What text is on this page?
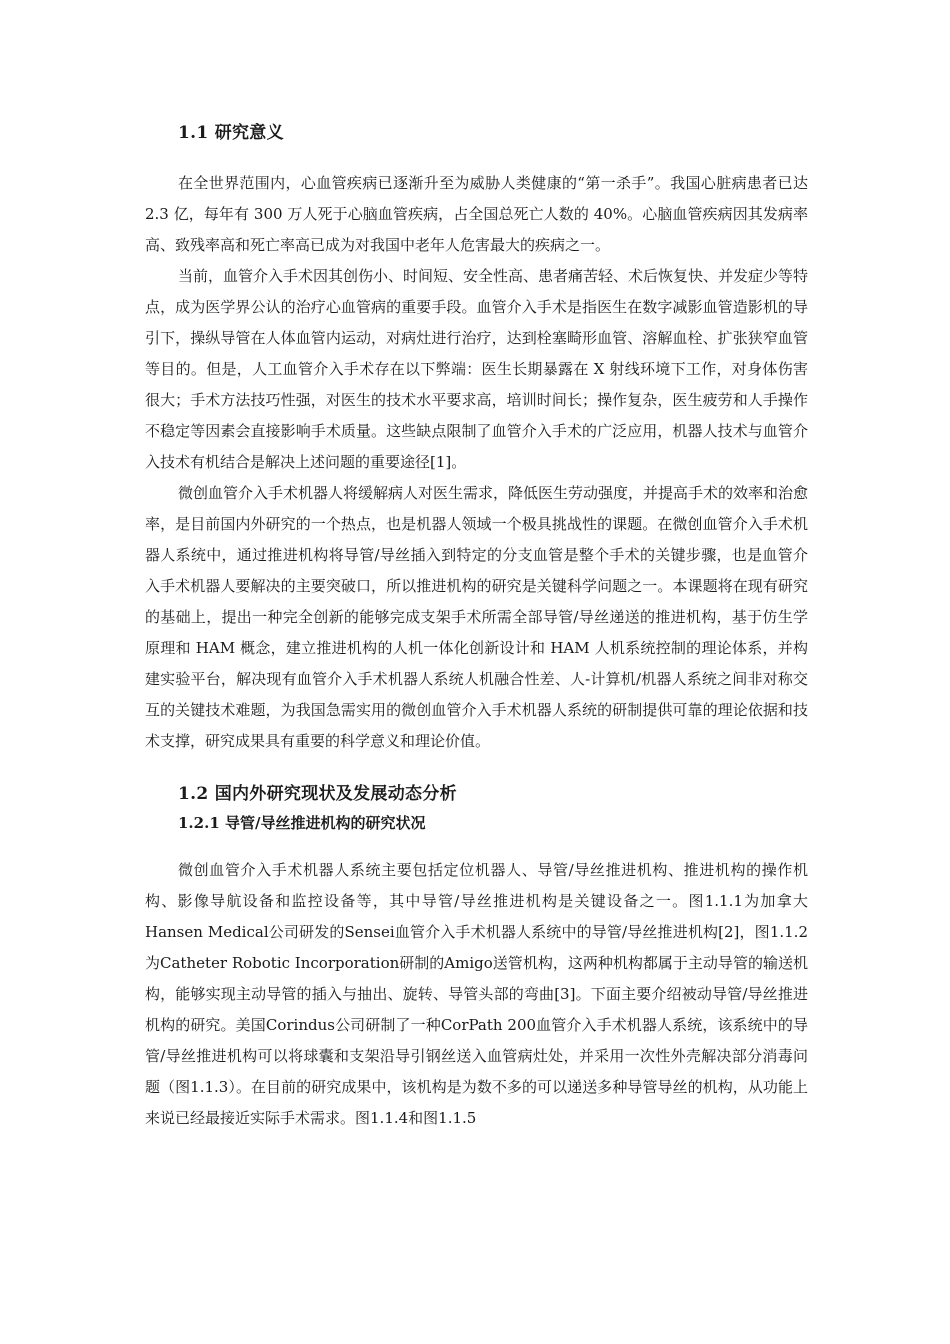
1.1 研究意义

在全世界范围内，心血管疾病已逐渐升至为威胁人类健康的“第一杀手”。我国心脏病患者已达 2.3 亿，每年有 300 万人死于心脑血管疾病，占全国总死亡人数的 40%。心脑血管疾病因其发病率高、致残率高和死亡率高已成为对我国中老年人危害最大的疾病之一。

当前，血管介入手术因其创伤小、时间短、安全性高、患者痛苦轻、术后恢复快、并发症少等特点，成为医学界公认的治疗心血管病的重要手段。血管介入手术是指医生在数字减影血管造影机的导引下，操纵导管在人体血管内运动，对病灶进行治疗，达到栓塞畸形血管、溶解血栓、扩张狭窄血管等目的。但是，人工血管介入手术存在以下弊端：医生长期暴露在 X 射线环境下工作，对身体伤害很大；手术方法技巧性强，对医生的技术水平要求高，培训时间长；操作复杂，医生疲劳和人手操作不稳定等因素会直接影响手术质量。这些缺点限制了血管介入手术的广泛应用，机器人技术与血管介入技术有机结合是解决上述问题的重要途径[1]。

微创血管介入手术机器人将缓解病人对医生需求，降低医生劳动强度，并提高手术的效率和治愈率，是目前国内外研究的一个热点，也是机器人领域一个极具挑战性的课题。在微创血管介入手术机器人系统中，通过推进机构将导管/导丝插入到特定的分支血管是整个手术的关键步骤，也是血管介入手术机器人要解决的主要突破口，所以推进机构的研究是关键科学问题之一。本课题将在现有研究的基础上，提出一种完全创新的能够完成支架手术所需全部导管/导丝递送的推进机构，基于仿生学原理和 HAM 概念，建立推进机构的人机一体化创新设计和 HAM 人机系统控制的理论体系，并构建实验平台，解决现有血管介入手术机器人系统人机融合性差、人-计算机/机器人系统之间非对称交互的关键技术难题，为我国急需实用的微创血管介入手术机器人系统的研制提供可靠的理论依据和技术支撑，研究成果具有重要的科学意义和理论价值。

1.2 国内外研究现状及发展动态分析
1.2.1 导管/导丝推进机构的研究状况

微创血管介入手术机器人系统主要包括定位机器人、导管/导丝推进机构、推进机构的操作机构、影像导航设备和监控设备等，其中导管/导丝推进机构是关键设备之一。图1.1.1为加拿大Hansen Medical公司研发的Sensei血管介入手术机器人系统中的导管/导丝推进机构[2]，图1.1.2为Catheter Robotic Incorporation研制的Amigo送管机构，这两种机构都属于主动导管的输送机构，能够实现主动导管的插入与抽出、旋转、导管头部的弯曲[3]。下面主要介绍被动导管/导丝推进机构的研究。美国Corindus公司研制了一种CorPath 200血管介入手术机器人系统，该系统中的导管/导丝推进机构可以将球囊和支架沿导引钢丝送入血管病灶处，并采用一次性外壳解决部分消毒问题（图1.1.3）。在目前的研究成果中，该机构是为数不多的可以递送多种导管导丝的机构，从功能上来说已经最接近实际手术需求。图1.1.4和图1.1.5
